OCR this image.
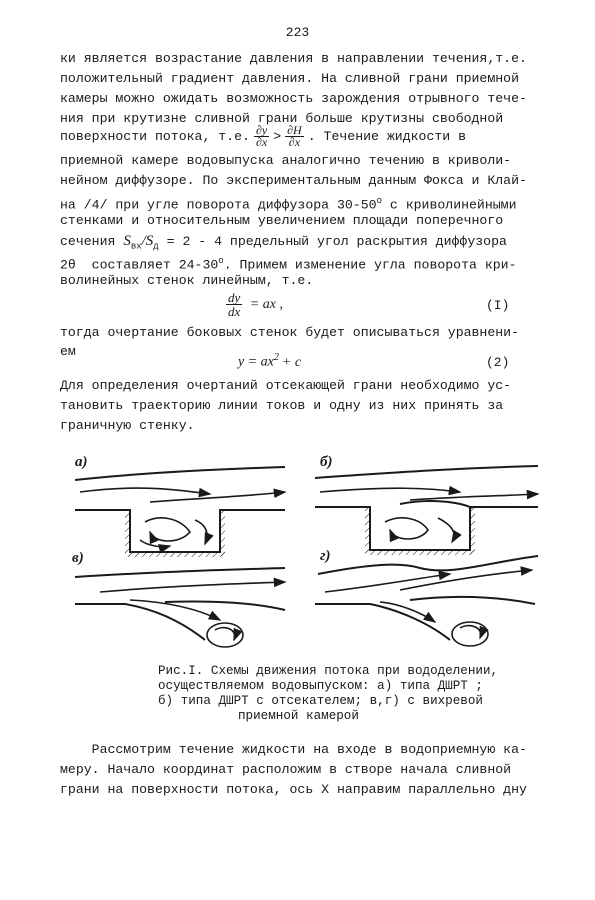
223
ки является возрастание давления в направлении течения,т.е.
положительный градиент давления. На сливной грани приемной
камеры можно ожидать возможность зарождения отрывного тече-
ния при крутизне сливной грани больше крутизны свободной
поверхности потока, т.е. $\frac{\partial y}{\partial x} > \frac{\partial H}{\partial x}$ . Течение жидкости в
приемной камере водовыпуска аналогично течению в криволи-
нейном диффузоре. По экспериментальным данным Фокса и Клай-
на /4/ при угле поворота диффузора $30-50^о$ с криволинейными
стенками и относительным увеличением площади поперечного
сечения $S_{вх}/S_д = 2 - 4$ предельный угол раскрытия диффузора
2θ  составляет $24-30^о$. Примем изменение угла поворота кри-
волинейных стенок линейным, т.е.
$\frac{dy}{dx}$ = ax ,	(I)
тогда очертание боковых стенок будет описываться уравнени-
ем
$y = ax^2 + c$	(2)
Для определения очертаний отсекающей грани необходимо ус-
тановить траекторию линии токов и одну из них принять за
граничную стенку.
а)	б)
в)	г)
Рис.I. Схемы движения потока при вододелении,
осуществляемом водовыпуском: а) типа ДШРТ ;
б) типа ДШРТ с отсекателем; в,г) с вихревой
приемной камерой
Рассмотрим течение жидкости на входе в водоприемную ка-
меру. Начало координат расположим в створе начала сливной
грани на поверхности потока, ось X направим параллельно дну
